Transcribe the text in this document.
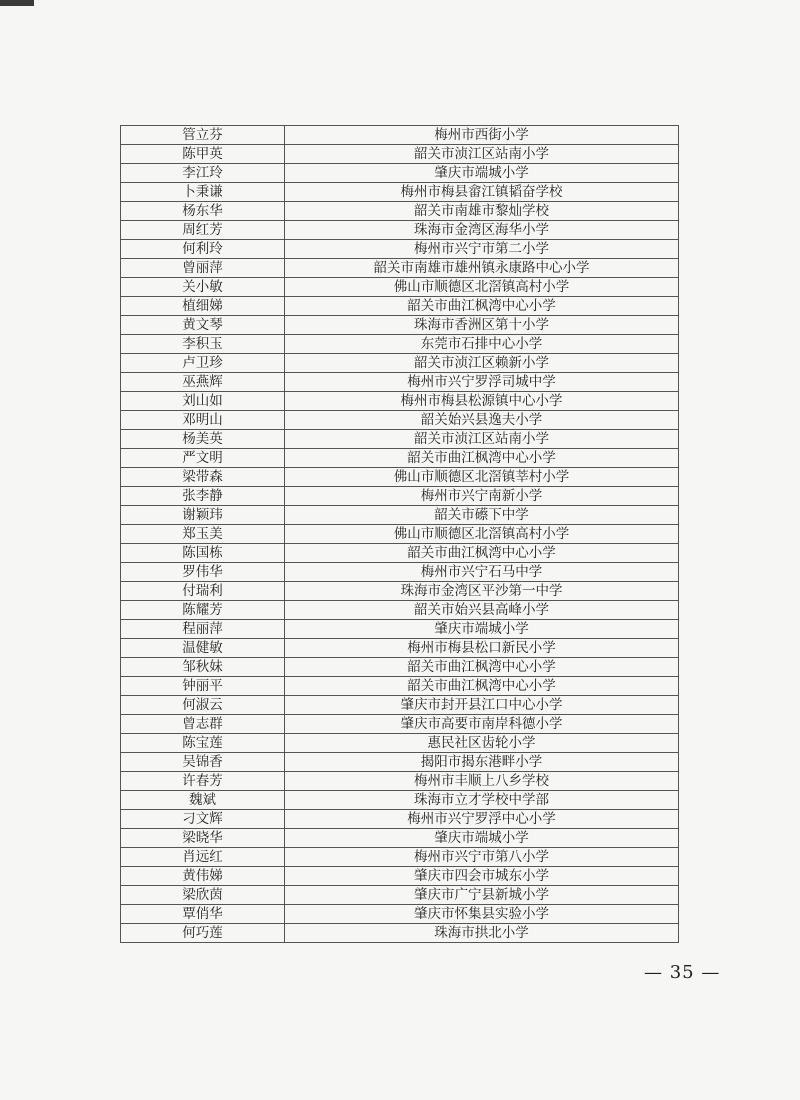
管立芬	梅州市西街小学
陈甲英	韶关市浈江区站南小学
李江玲	肇庆市端城小学
卜秉谦	梅州市梅县畲江镇韬奋学校
杨东华	韶关市南雄市黎灿学校
周红芳	珠海市金湾区海华小学
何利玲	梅州市兴宁市第二小学
曾丽萍	韶关市南雄市雄州镇永康路中心小学
关小敏	佛山市顺德区北滘镇高村小学
植细娣	韶关市曲江枫湾中心小学
黄文琴	珠海市香洲区第十小学
李积玉	东莞市石排中心小学
卢卫珍	韶关市浈江区赖新小学
巫燕辉	梅州市兴宁罗浮司城中学
刘山如	梅州市梅县松源镇中心小学
邓明山	韶关始兴县逸夫小学
杨美英	韶关市浈江区站南小学
严文明	韶关市曲江枫湾中心小学
梁带森	佛山市顺德区北滘镇莘村小学
张李静	梅州市兴宁南新小学
谢颖玮	韶关市礤下中学
郑玉美	佛山市顺德区北滘镇高村小学
陈国栋	韶关市曲江枫湾中心小学
罗伟华	梅州市兴宁石马中学
付瑞利	珠海市金湾区平沙第一中学
陈耀芳	韶关市始兴县高峰小学
程丽萍	肇庆市端城小学
温健敏	梅州市梅县松口新民小学
邹秋妹	韶关市曲江枫湾中心小学
钟丽平	韶关市曲江枫湾中心小学
何淑云	肇庆市封开县江口中心小学
曾志群	肇庆市高要市南岸科德小学
陈宝莲	惠民社区齿轮小学
吴锦香	揭阳市揭东港畔小学
许春芳	梅州市丰顺上八乡学校
魏斌	珠海市立才学校中学部
刁文辉	梅州市兴宁罗浮中心小学
梁晓华	肇庆市端城小学
肖远红	梅州市兴宁市第八小学
黄伟娣	肇庆市四会市城东小学
梁欣茵	肇庆市广宁县新城小学
覃俏华	肇庆市怀集县实验小学
何巧莲	珠海市拱北小学
— 35 —
